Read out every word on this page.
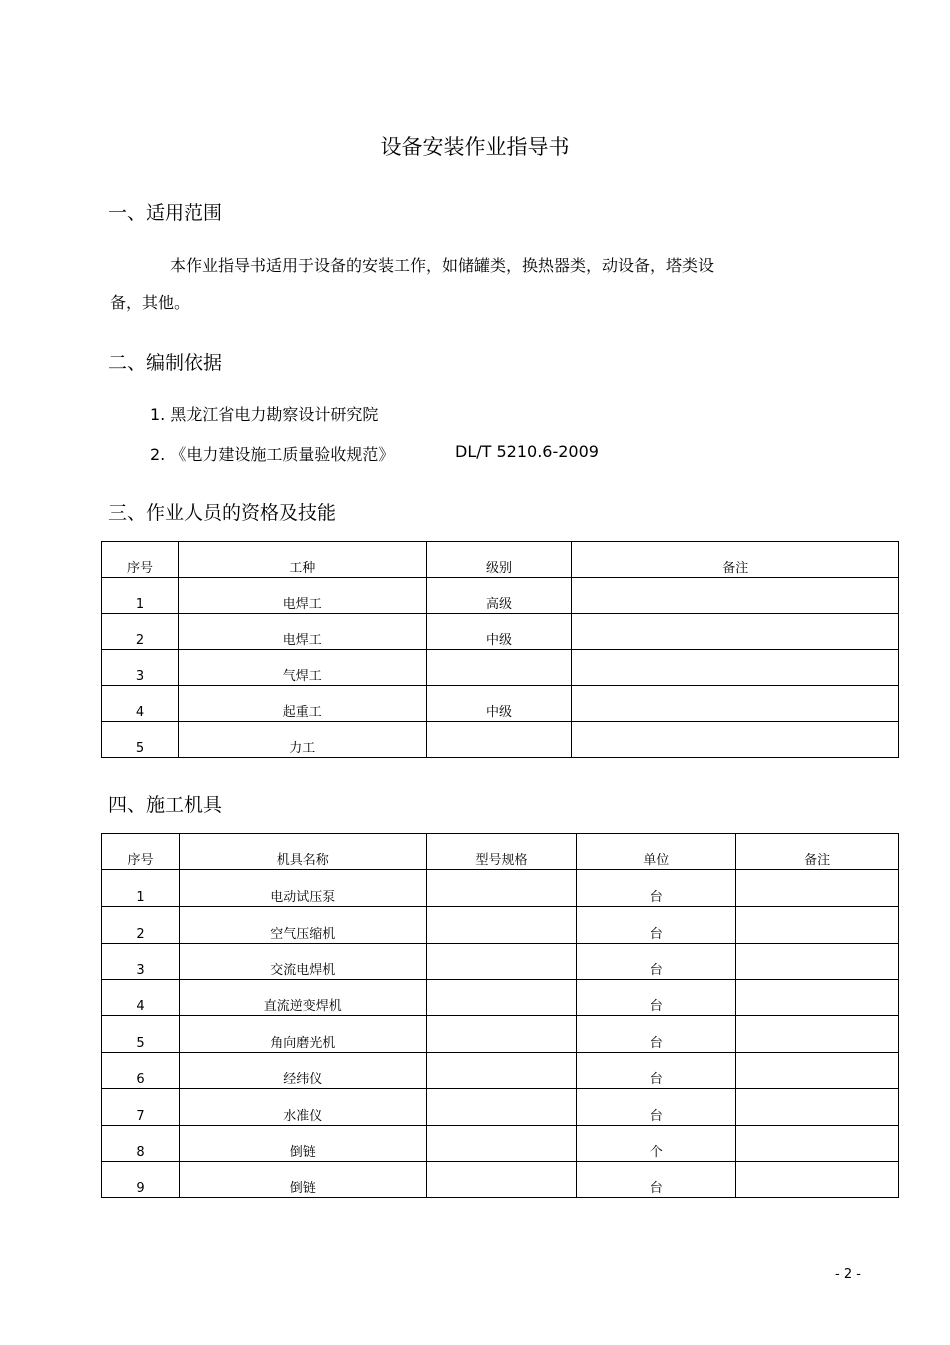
设备安装作业指导书
一、适用范围
本作业指导书适用于设备的安装工作，如储罐类，换热器类，动设备，塔类设
备，其他。
二、编制依据
1. 黑龙江省电力勘察设计研究院
2. 《电力建设施工质量验收规范》	DL/T 5210.6-2009
三、作业人员的资格及技能
序号	工种	级别	备注
1	电焊工	高级	
2	电焊工	中级	
3	气焊工		
4	起重工	中级	
5	力工		
四、施工机具
序号	机具名称	型号规格	单位	备注
1	电动试压泵		台	
2	空气压缩机		台	
3	交流电焊机		台	
4	直流逆变焊机		台	
5	角向磨光机		台	
6	经纬仪		台	
7	水准仪		台	
8	倒链		个	
9	倒链		台	
- 2 -
